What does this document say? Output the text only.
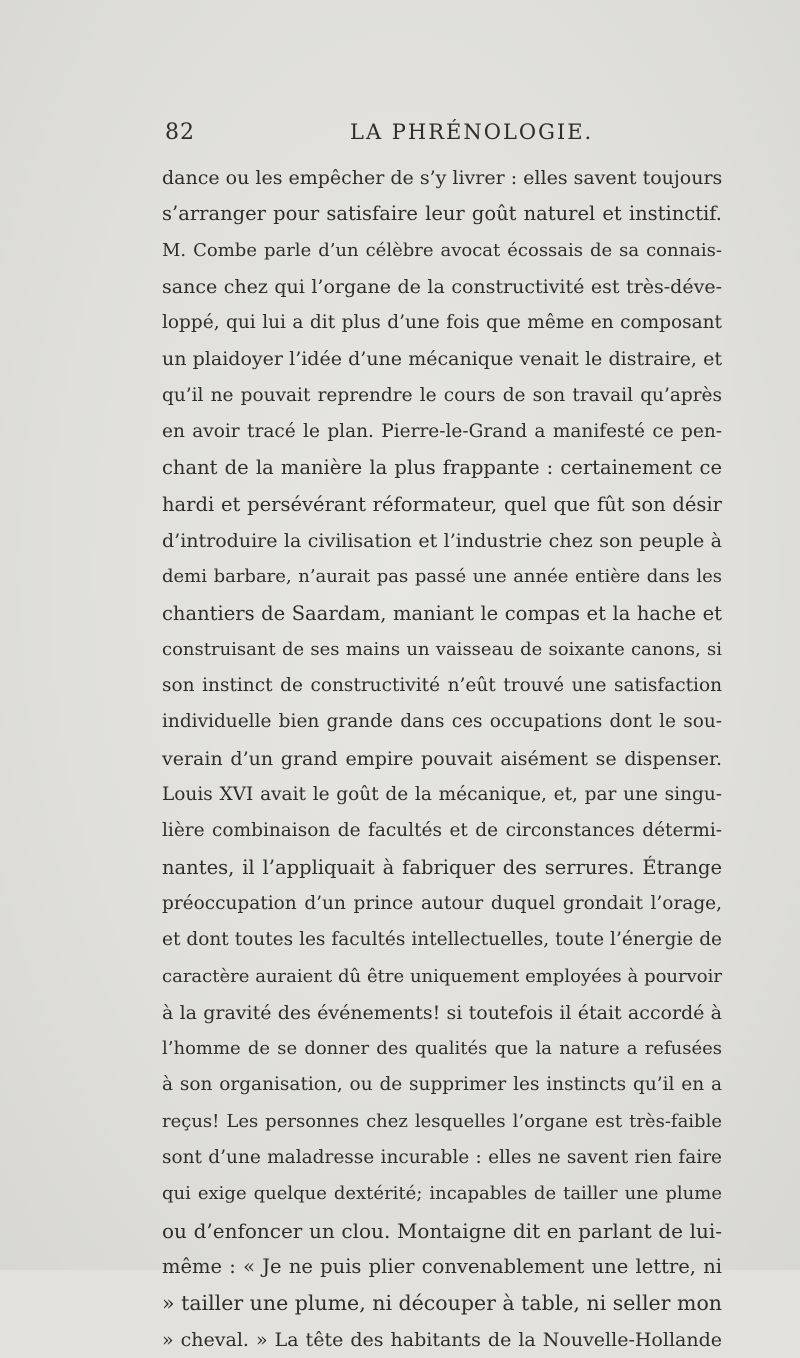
82	LA PHRÉNOLOGIE.
dance ou les empêcher de s’y livrer : elles savent toujours
s’arranger pour satisfaire leur goût naturel et instinctif.
M. Combe parle d’un célèbre avocat écossais de sa connais-
sance chez qui l’organe de la constructivité est très-déve-
loppé, qui lui a dit plus d’une fois que même en composant
un plaidoyer l’idée d’une mécanique venait le distraire, et
qu’il ne pouvait reprendre le cours de son travail qu’après
en avoir tracé le plan. Pierre-le-Grand a manifesté ce pen-
chant de la manière la plus frappante : certainement ce
hardi et persévérant réformateur, quel que fût son désir
d’introduire la civilisation et l’industrie chez son peuple à
demi barbare, n’aurait pas passé une année entière dans les
chantiers de Saardam, maniant le compas et la hache et
construisant de ses mains un vaisseau de soixante canons, si
son instinct de constructivité n’eût trouvé une satisfaction
individuelle bien grande dans ces occupations dont le sou-
verain d’un grand empire pouvait aisément se dispenser.
Louis XVI avait le goût de la mécanique, et, par une singu-
lière combinaison de facultés et de circonstances détermi-
nantes, il l’appliquait à fabriquer des serrures. Étrange
préoccupation d’un prince autour duquel grondait l’orage,
et dont toutes les facultés intellectuelles, toute l’énergie de
caractère auraient dû être uniquement employées à pourvoir
à la gravité des événements! si toutefois il était accordé à
l’homme de se donner des qualités que la nature a refusées
à son organisation, ou de supprimer les instincts qu’il en a
reçus! Les personnes chez lesquelles l’organe est très-faible
sont d’une maladresse incurable : elles ne savent rien faire
qui exige quelque dextérité; incapables de tailler une plume
ou d’enfoncer un clou. Montaigne dit en parlant de lui-
même : « Je ne puis plier convenablement une lettre, ni
» tailler une plume, ni découper à table, ni seller mon
» cheval. » La tête des habitants de la Nouvelle-Hollande
